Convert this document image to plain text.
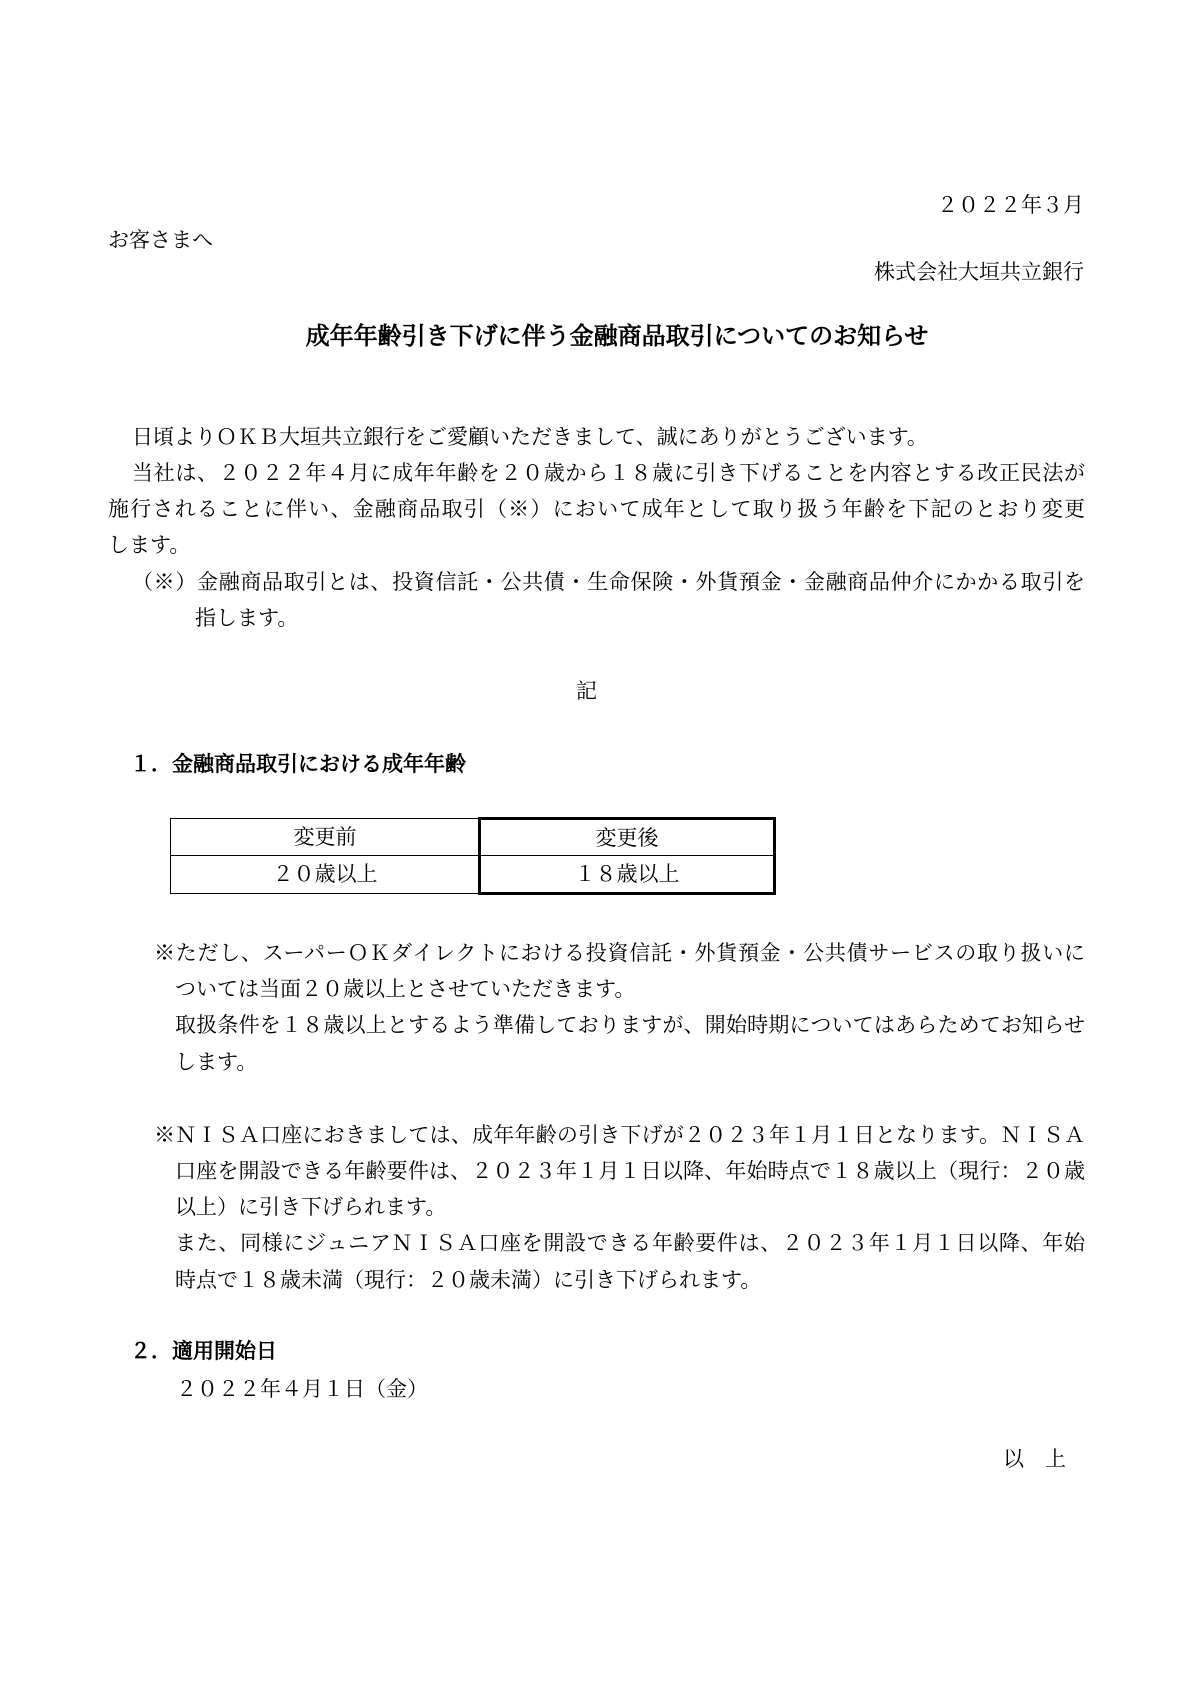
２０２２年３月
お客さまへ
株式会社大垣共立銀行
成年年齢引き下げに伴う金融商品取引についてのお知らせ
日頃よりＯＫＢ大垣共立銀行をご愛顧いただきまして、誠にありがとうございます。
当社は、２０２２年４月に成年年齢を２０歳から１８歳に引き下げることを内容とする改正民法が
施行されることに伴い、金融商品取引（※）において成年として取り扱う年齢を下記のとおり変更
します。
（※）金融商品取引とは、投資信託・公共債・生命保険・外貨預金・金融商品仲介にかかる取引を
指します。
記
１．金融商品取引における成年年齢
変更前
２０歳以上
変更後
１８歳以上
※ただし、スーパーＯＫダイレクトにおける投資信託・外貨預金・公共債サービスの取り扱いに
ついては当面２０歳以上とさせていただきます。
取扱条件を１８歳以上とするよう準備しておりますが、開始時期についてはあらためてお知らせ
します。
※ＮＩＳＡ口座におきましては、成年年齢の引き下げが２０２３年１月１日となります。ＮＩＳＡ
口座を開設できる年齢要件は、２０２３年１月１日以降、年始時点で１８歳以上（現行：２０歳
以上）に引き下げられます。
また、同様にジュニアＮＩＳＡ口座を開設できる年齢要件は、２０２３年１月１日以降、年始
時点で１８歳未満（現行：２０歳未満）に引き下げられます。
２．適用開始日
２０２２年４月１日（金）
以　上
